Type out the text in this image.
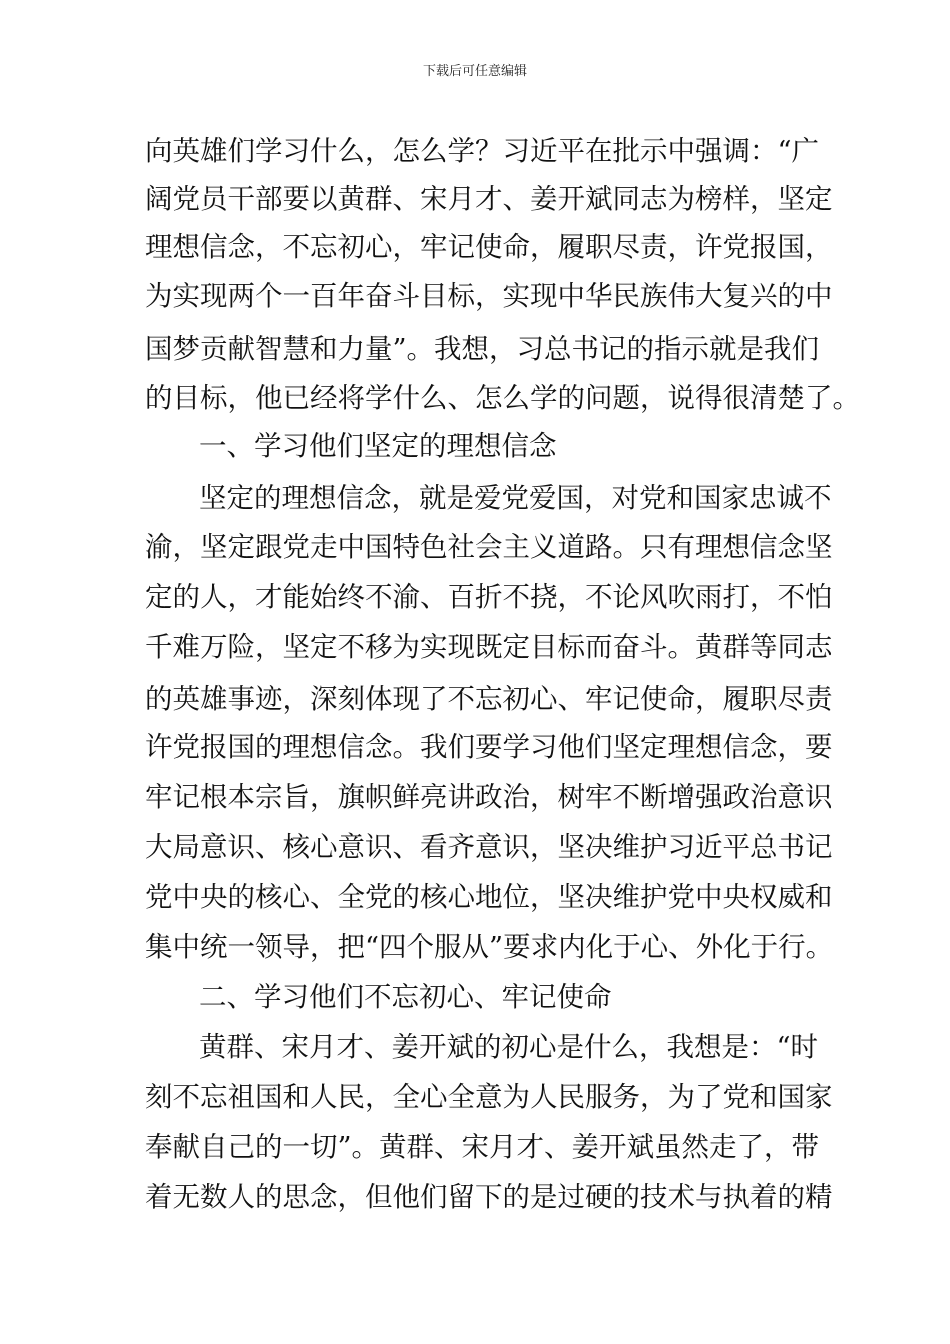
下载后可任意编辑
向英雄们学习什么，怎么学？习近平在批示中强调：“广
阔党员干部要以黄群、宋月才、姜开斌同志为榜样，坚定
理想信念，不忘初心，牢记使命，履职尽责，许党报国，
为实现两个一百年奋斗目标，实现中华民族伟大复兴的中
国梦贡献智慧和力量”。我想，习总书记的指示就是我们
的目标，他已经将学什么、怎么学的问题，说得很清楚了。
一、学习他们坚定的理想信念
坚定的理想信念，就是爱党爱国，对党和国家忠诚不
渝，坚定跟党走中国特色社会主义道路。只有理想信念坚
定的人，才能始终不渝、百折不挠，不论风吹雨打，不怕
千难万险，坚定不移为实现既定目标而奋斗。黄群等同志
的英雄事迹，深刻体现了不忘初心、牢记使命，履职尽责
许党报国的理想信念。我们要学习他们坚定理想信念，要
牢记根本宗旨，旗帜鲜亮讲政治，树牢不断增强政治意识
大局意识、核心意识、看齐意识，坚决维护习近平总书记
党中央的核心、全党的核心地位，坚决维护党中央权威和
集中统一领导，把“四个服从”要求内化于心、外化于行。
二、学习他们不忘初心、牢记使命
黄群、宋月才、姜开斌的初心是什么，我想是：“时
刻不忘祖国和人民，全心全意为人民服务，为了党和国家
奉献自己的一切”。黄群、宋月才、姜开斌虽然走了，带
着无数人的思念，但他们留下的是过硬的技术与执着的精
